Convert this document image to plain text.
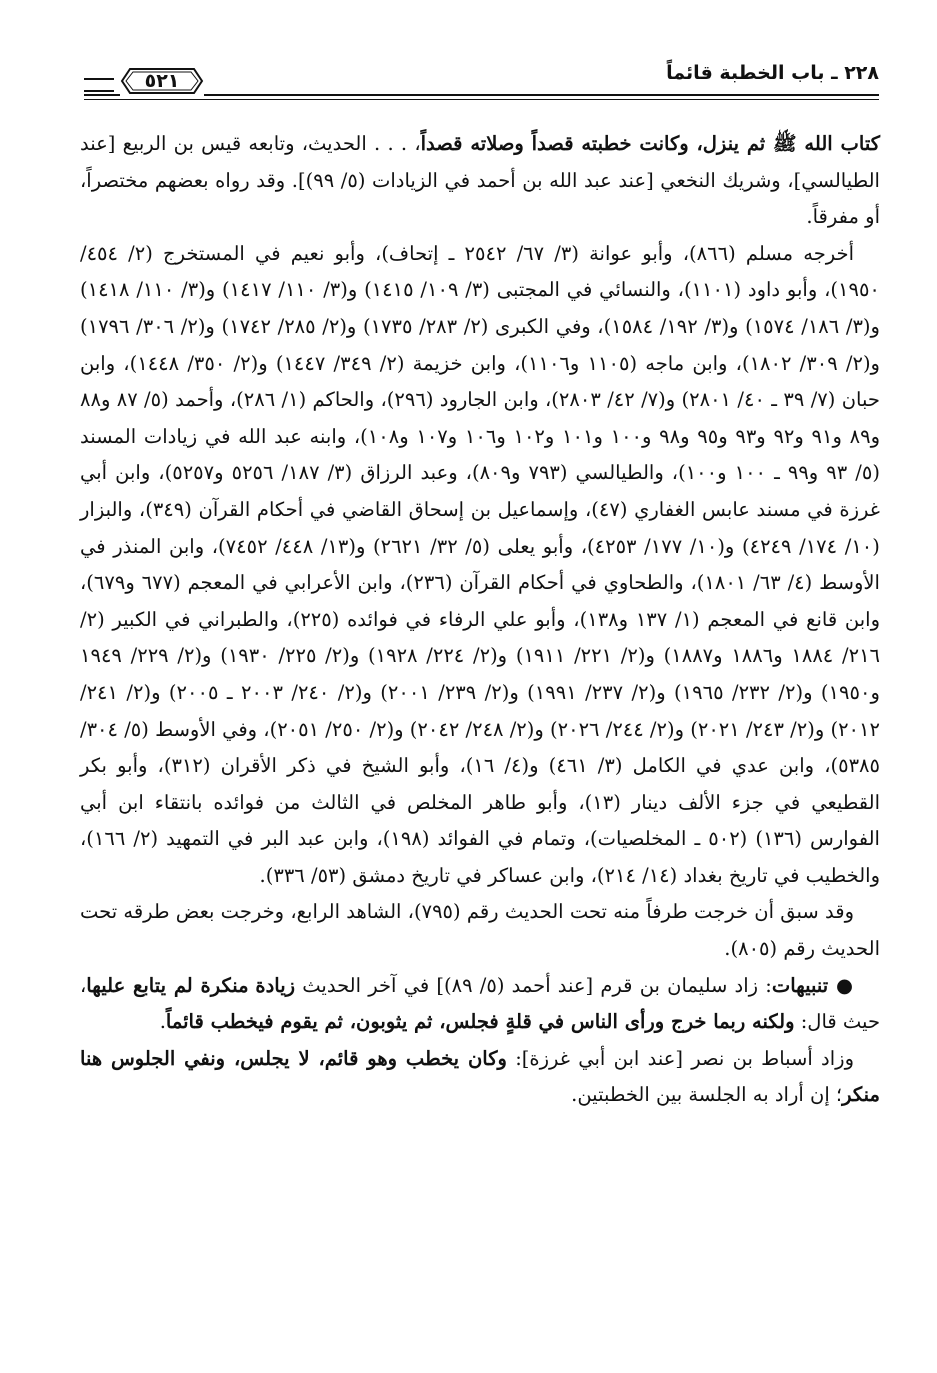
٢٢٨ ـ باب الخطبة قائماً
٥٢١

كتاب الله ﷺ ثم ينزل، وكانت خطبته قصداً وصلاته قصداً، . . . الحديث، وتابعه قيس بن الربيع [عند الطيالسي]، وشريك النخعي [عند عبد الله بن أحمد في الزيادات (٥/ ٩٩)]. وقد رواه بعضهم مختصراً، أو مفرقاً.

أخرجه مسلم (٨٦٦)، وأبو عوانة (٣/ ٦٧/ ٢٥٤٢ ـ إتحاف)، وأبو نعيم في المستخرج (٢/ ٤٥٤/ ١٩٥٠)، وأبو داود (١١٠١)، والنسائي في المجتبى (٣/ ١٠٩/ ١٤١٥) و(٣/ ١١٠/ ١٤١٧) و(٣/ ١١٠/ ١٤١٨) و(٣/ ١٨٦/ ١٥٧٤) و(٣/ ١٩٢/ ١٥٨٤)، وفي الكبرى (٢/ ٢٨٣/ ١٧٣٥) و(٢/ ٢٨٥/ ١٧٤٢) و(٢/ ٣٠٦/ ١٧٩٦) و(٢/ ٣٠٩/ ١٨٠٢)، وابن ماجه (١١٠٥ و١١٠٦)، وابن خزيمة (٢/ ٣٤٩/ ١٤٤٧) و(٢/ ٣٥٠/ ١٤٤٨)، وابن حبان (٧/ ٣٩ ـ ٤٠/ ٢٨٠١) و(٧/ ٤٢/ ٢٨٠٣)، وابن الجارود (٢٩٦)، والحاكم (١/ ٢٨٦)، وأحمد (٥/ ٨٧ و٨٨ و٨٩ و٩١ و٩٢ و٩٣ و٩٥ و٩٨ و١٠٠ و١٠١ و١٠٢ و١٠٦ و١٠٧ و١٠٨)، وابنه عبد الله في زيادات المسند (٥/ ٩٣ و٩٩ ـ ١٠٠ و١٠٠)، والطيالسي (٧٩٣ و٨٠٩)، وعبد الرزاق (٣/ ١٨٧/ ٥٢٥٦ و٥٢٥٧)، وابن أبي غرزة في مسند عابس الغفاري (٤٧)، وإسماعيل بن إسحاق القاضي في أحكام القرآن (٣٤٩)، والبزار (١٠/ ١٧٤/ ٤٢٤٩) و(١٠/ ١٧٧/ ٤٢٥٣)، وأبو يعلى (٥/ ٣٢/ ٢٦٢١) و(١٣/ ٤٤٨/ ٧٤٥٢)، وابن المنذر في الأوسط (٤/ ٦٣/ ١٨٠١)، والطحاوي في أحكام القرآن (٢٣٦)، وابن الأعرابي في المعجم (٦٧٧ و٦٧٩)، وابن قانع في المعجم (١/ ١٣٧ و١٣٨)، وأبو علي الرفاء في فوائده (٢٢٥)، والطبراني في الكبير (٢/ ٢١٦/ ١٨٨٤ و١٨٨٦ و١٨٨٧) و(٢/ ٢٢١/ ١٩١١) و(٢/ ٢٢٤/ ١٩٢٨) و(٢/ ٢٢٥/ ١٩٣٠) و(٢/ ٢٢٩/ ١٩٤٩ و١٩٥٠) و(٢/ ٢٣٢/ ١٩٦٥) و(٢/ ٢٣٧/ ١٩٩١) و(٢/ ٢٣٩/ ٢٠٠١) و(٢/ ٢٤٠/ ٢٠٠٣ ـ ٢٠٠٥) و(٢/ ٢٤١/ ٢٠١٢) و(٢/ ٢٤٣/ ٢٠٢١) و(٢/ ٢٤٤/ ٢٠٢٦) و(٢/ ٢٤٨/ ٢٠٤٢) و(٢/ ٢٥٠/ ٢٠٥١)، وفي الأوسط (٥/ ٣٠٤/ ٥٣٨٥)، وابن عدي في الكامل (٣/ ٤٦١) و(٤/ ١٦)، وأبو الشيخ في ذكر الأقران (٣١٢)، وأبو بكر القطيعي في جزء الألف دينار (١٣)، وأبو طاهر المخلص في الثالث من فوائده بانتقاء ابن أبي الفوارس (١٣٦) (٥٠٢ ـ المخلصيات)، وتمام في الفوائد (١٩٨)، وابن عبد البر في التمهيد (٢/ ١٦٦)، والخطيب في تاريخ بغداد (١٤/ ٢١٤)، وابن عساكر في تاريخ دمشق (٥٣/ ٣٣٦).

وقد سبق أن خرجت طرفاً منه تحت الحديث رقم (٧٩٥)، الشاهد الرابع، وخرجت بعض طرقه تحت الحديث رقم (٨٠٥).

● تنبيهات: زاد سليمان بن قرم [عند أحمد (٥/ ٨٩)] في آخر الحديث زيادة منكرة لم يتابع عليها، حيث قال: ولكنه ربما خرج ورأى الناس في قلةٍ فجلس، ثم يثوبون، ثم يقوم فيخطب قائماً.

وزاد أسباط بن نصر [عند ابن أبي غرزة]: وكان يخطب وهو قائم، لا يجلس، ونفي الجلوس هنا منكر؛ إن أراد به الجلسة بين الخطبتين.
